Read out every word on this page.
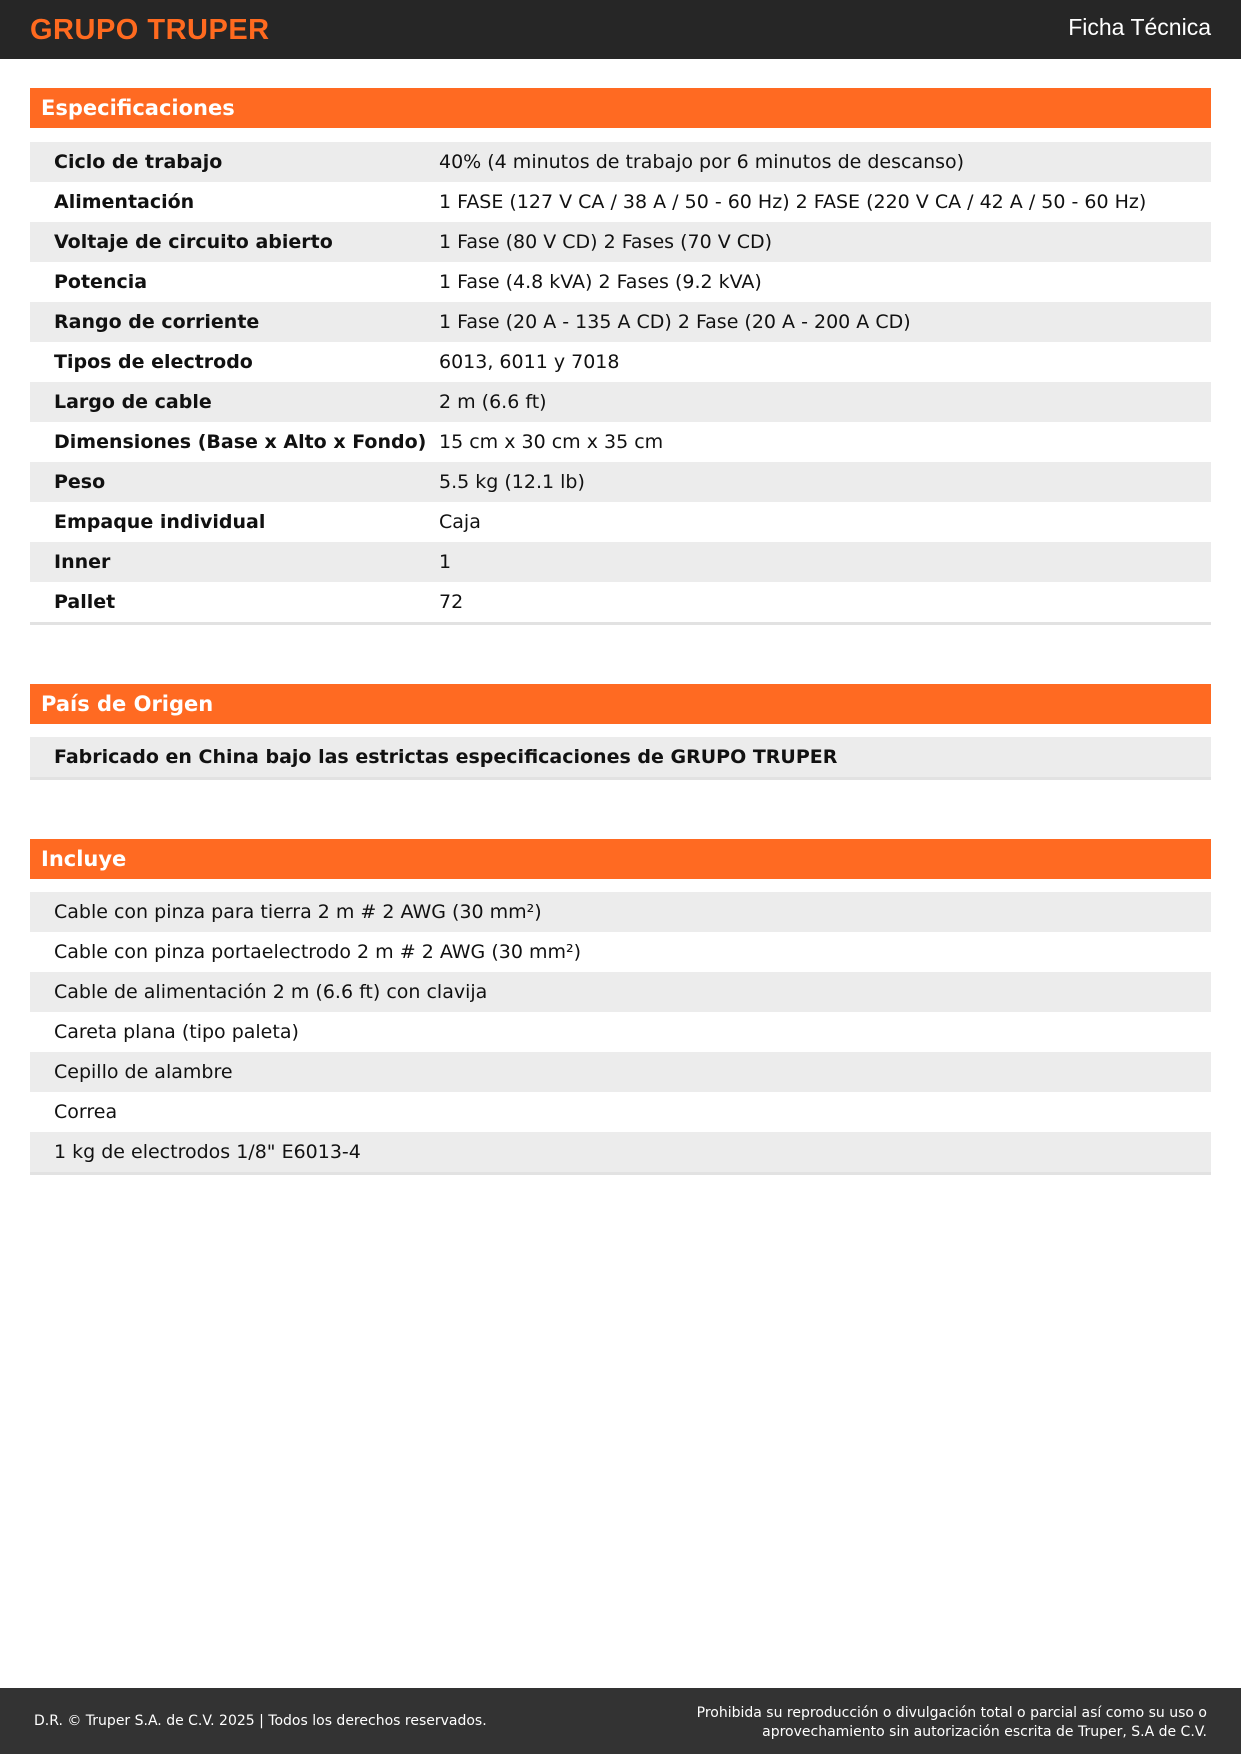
GRUPO TRUPER	Ficha Técnica
Especificaciones
Ciclo de trabajo	40% (4 minutos de trabajo por 6 minutos de descanso)
Alimentación	1 FASE (127 V CA / 38 A / 50 - 60 Hz) 2 FASE (220 V CA / 42 A / 50 - 60 Hz)
Voltaje de circuito abierto	1 Fase (80 V CD) 2 Fases (70 V CD)
Potencia	1 Fase (4.8 kVA) 2 Fases (9.2 kVA)
Rango de corriente	1 Fase (20 A - 135 A CD) 2 Fase (20 A - 200 A CD)
Tipos de electrodo	6013, 6011 y 7018
Largo de cable	2 m (6.6 ft)
Dimensiones (Base x Alto x Fondo) 15 cm x 30 cm x 35 cm
Peso	5.5 kg (12.1 lb)
Empaque individual	Caja
Inner	1
Pallet	72
País de Origen
Fabricado en China bajo las estrictas especificaciones de GRUPO TRUPER
Incluye
Cable con pinza para tierra 2 m # 2 AWG (30 mm²)
Cable con pinza portaelectrodo 2 m # 2 AWG (30 mm²)
Cable de alimentación 2 m (6.6 ft) con clavija
Careta plana (tipo paleta)
Cepillo de alambre
Correa
1 kg de electrodos 1/8" E6013-4
D.R. © Truper S.A. de C.V. 2025 | Todos los derechos reservados.	Prohibida su reproducción o divulgación total o parcial así como su uso o
aprovechamiento sin autorización escrita de Truper, S.A de C.V.
